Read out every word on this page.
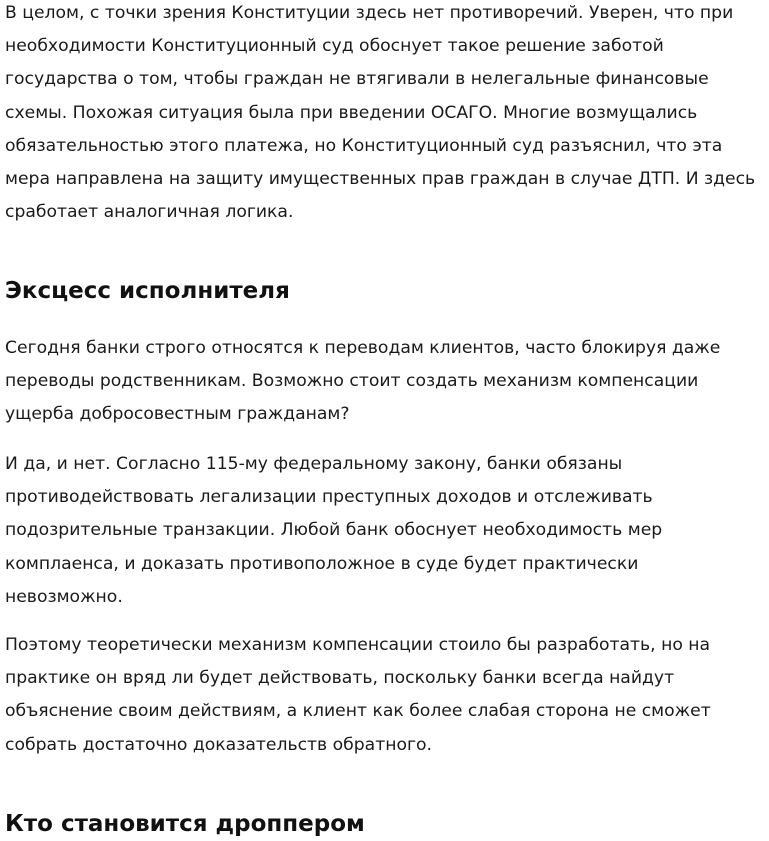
В целом, с точки зрения Конституции здесь нет противоречий. Уверен, что при необходимости Конституционный суд обоснует такое решение заботой государства о том, чтобы граждан не втягивали в нелегальные финансовые схемы. Похожая ситуация была при введении ОСАГО. Многие возмущались обязательностью этого платежа, но Конституционный суд разъяснил, что эта мера направлена на защиту имущественных прав граждан в случае ДТП. И здесь сработает аналогичная логика.

Эксцесс исполнителя

Сегодня банки строго относятся к переводам клиентов, часто блокируя даже переводы родственникам. Возможно стоит создать механизм компенсации ущерба добросовестным гражданам?

И да, и нет. Согласно 115-му федеральному закону, банки обязаны противодействовать легализации преступных доходов и отслеживать подозрительные транзакции. Любой банк обоснует необходимость мер комплаенса, и доказать противоположное в суде будет практически невозможно.

Поэтому теоретически механизм компенсации стоило бы разработать, но на практике он вряд ли будет действовать, поскольку банки всегда найдут объяснение своим действиям, а клиент как более слабая сторона не сможет собрать достаточно доказательств обратного.

Кто становится дроппером
